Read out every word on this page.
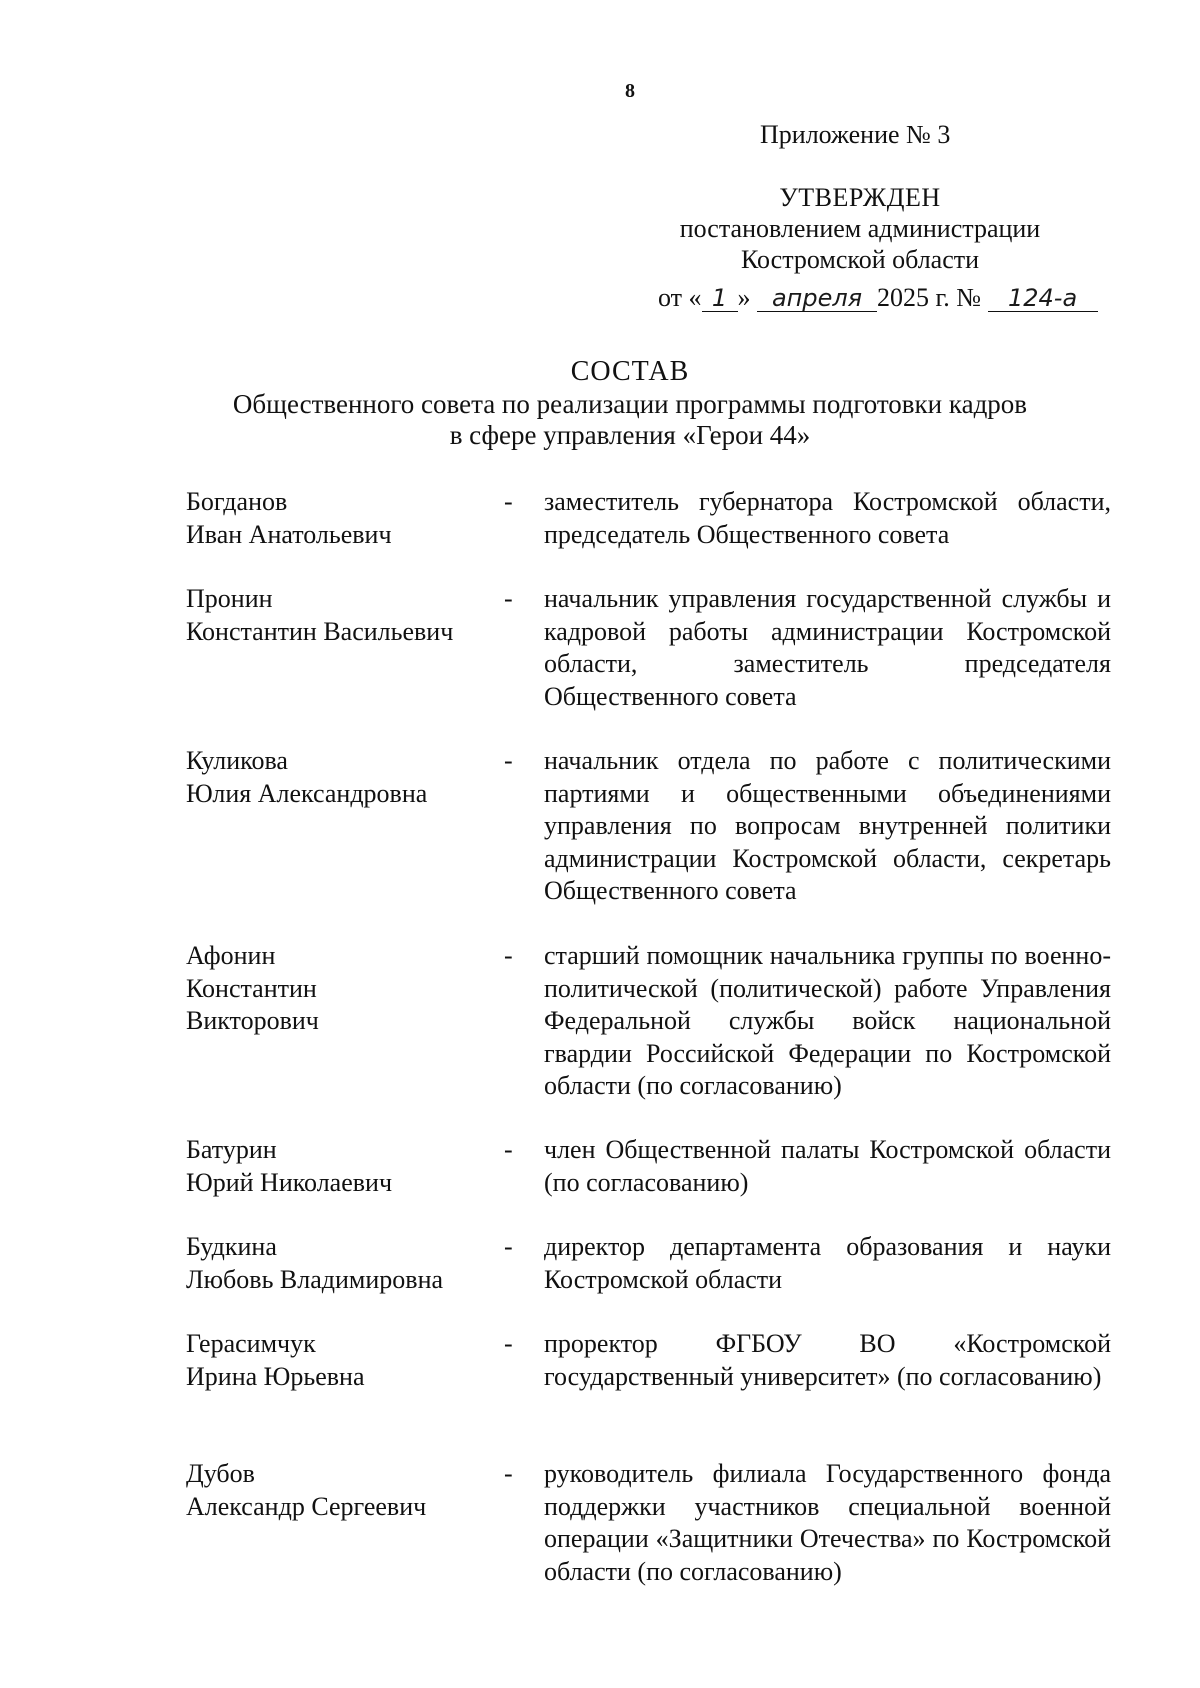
8
Приложение № 3
УТВЕРЖДЕН
постановлением администрации
Костромской области
от « 1 » апреля 2025 г. № 124-а
СОСТАВ
Общественного совета по реализации программы подготовки кадров
в сфере управления «Герои 44»
Богданов
Иван Анатольевич
- заместитель губернатора Костромской области, председатель Общественного совета
Пронин
Константин Васильевич
- начальник управления государственной службы и кадровой работы администрации Костромской области, заместитель председателя Общественного совета
Куликова
Юлия Александровна
- начальник отдела по работе с политическими партиями и общественными объединениями управления по вопросам внутренней политики администрации Костромской области, секретарь Общественного совета
Афонин
Константин
Викторович
- старший помощник начальника группы по военно-политической (политической) работе Управления Федеральной службы войск национальной гвардии Российской Федерации по Костромской области (по согласованию)
Батурин
Юрий Николаевич
- член Общественной палаты Костромской области (по согласованию)
Будкина
Любовь Владимировна
- директор департамента образования и науки Костромской области
Герасимчук
Ирина Юрьевна
- проректор ФГБОУ ВО «Костромской государственный университет» (по согласованию)
Дубов
Александр Сергеевич
- руководитель филиала Государственного фонда поддержки участников специальной военной операции «Защитники Отечества» по Костромской области (по согласованию)
